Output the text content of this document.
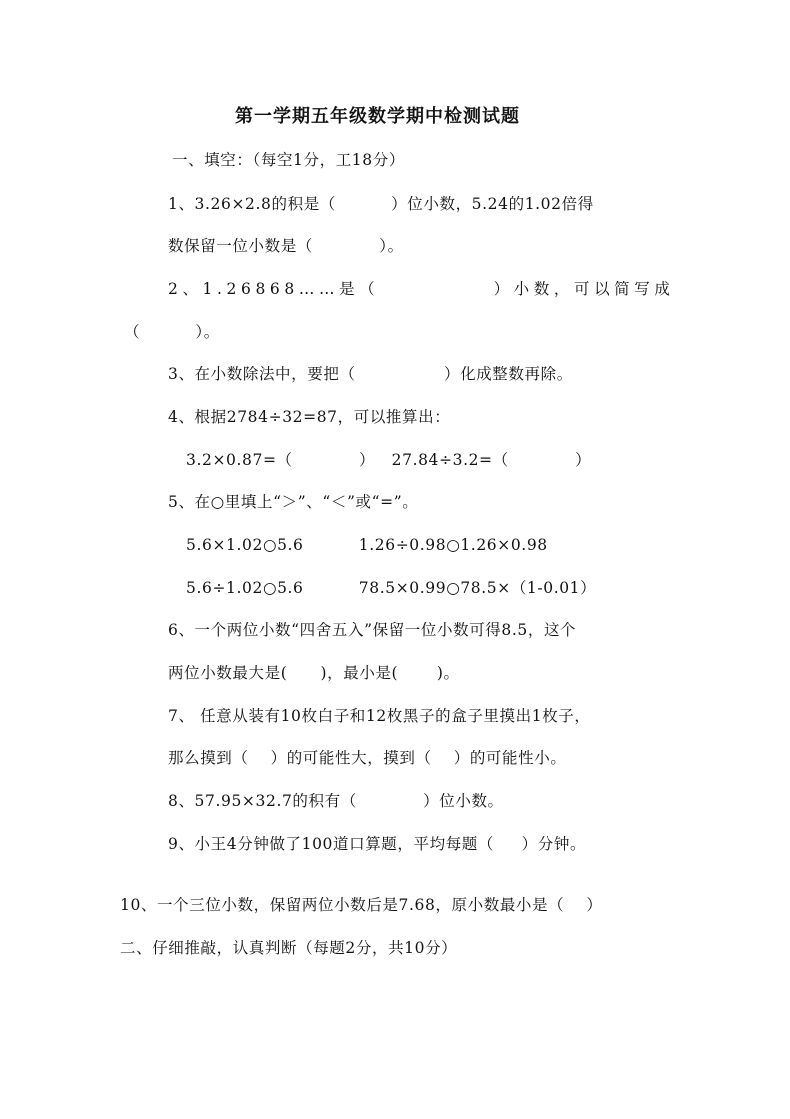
第一学期五年级数学期中检测试题
一、填空：（每空1分，工18分）
1、3.26×2.8的积是（          ）位小数，5.24的1.02倍得
数保留一位小数是（            ）。
2、1.26868……是（            ）小数，可以简写成
（          ）。
3、在小数除法中，要把（                ）化成整数再除。
4、根据2784÷32=87，可以推算出：
3.2×0.87=（            ）   27.84÷3.2=（            ）
5、在○里填上“＞”、“＜”或“=”。
5.6×1.02○5.6          1.26÷0.98○1.26×0.98
5.6÷1.02○5.6          78.5×0.99○78.5×（1-0.01）
6、一个两位小数“四舍五入”保留一位小数可得8.5，这个
两位小数最大是(      )，最小是(       )。
7、 任意从装有10枚白子和12枚黑子的盒子里摸出1枚子，
那么摸到（    ）的可能性大，摸到（    ）的可能性小。
8、57.95×32.7的积有（            ）位小数。
9、小王4分钟做了100道口算题，平均每题（     ）分钟。
10、一个三位小数，保留两位小数后是7.68，原小数最小是（    ）
二、仔细推敲，认真判断（每题2分，共10分）
